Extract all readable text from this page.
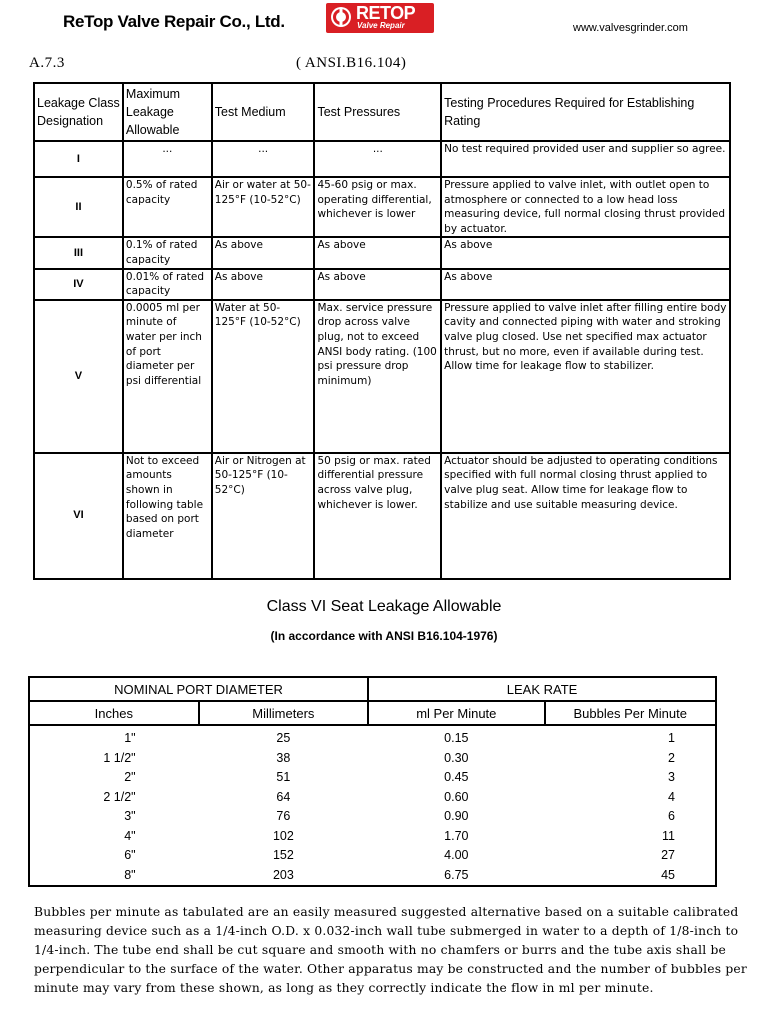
ReTop Valve Repair Co., Ltd.	RETOP
Valve Repair	www.valvesgrinder.com
A.7.3	( ANSI.B16.104)
Leakage Class Designation	Maximum Leakage Allowable	Test Medium	Test Pressures	Testing Procedures Required for Establishing Rating
I	...	...	...	No test required provided user and supplier so agree.
II	0.5% of rated capacity	Air or water at 50-125°F (10-52°C)	45-60 psig or max. operating differential, whichever is lower	Pressure applied to valve inlet, with outlet open to atmosphere or connected to a low head loss measuring device, full normal closing thrust provided by actuator.
III	0.1% of rated capacity	As above	As above	As above
IV	0.01% of rated capacity	As above	As above	As above
V	0.0005 ml per minute of water per inch of port diameter per psi differential	Water at 50-125°F (10-52°C)	Max. service pressure drop across valve plug, not to exceed ANSI body rating. (100 psi pressure drop minimum)	Pressure applied to valve inlet after filling entire body cavity and connected piping with water and stroking valve plug closed. Use net specified max actuator thrust, but no more, even if available during test. Allow time for leakage flow to stabilizer.
VI	Not to exceed amounts shown in following table based on port diameter	Air or Nitrogen at 50-125°F (10-52°C)	50 psig or max. rated differential pressure across valve plug, whichever is lower.	Actuator should be adjusted to operating conditions specified with full normal closing thrust applied to valve plug seat. Allow time for leakage flow to stabilize and use suitable measuring device.
Class VI Seat Leakage Allowable
(In accordance with ANSI B16.104-1976)
NOMINAL PORT DIAMETER		LEAK RATE	
Inches	Millimeters	ml Per Minute	Bubbles Per Minute
1"	25	0.15	1
1 1/2"	38	0.30	2
2"	51	0.45	3
2 1/2"	64	0.60	4
3"	76	0.90	6
4"	102	1.70	11
6"	152	4.00	27
8"	203	6.75	45
Bubbles per minute as tabulated are an easily measured suggested alternative based on a suitable calibrated measuring device such as a 1/4-inch O.D. x 0.032-inch wall tube submerged in water to a depth of 1/8-inch to 1/4-inch. The tube end shall be cut square and smooth with no chamfers or burrs and the tube axis shall be perpendicular to the surface of the water. Other apparatus may be constructed and the number of bubbles per minute may vary from these shown, as long as they correctly indicate the flow in ml per minute.
